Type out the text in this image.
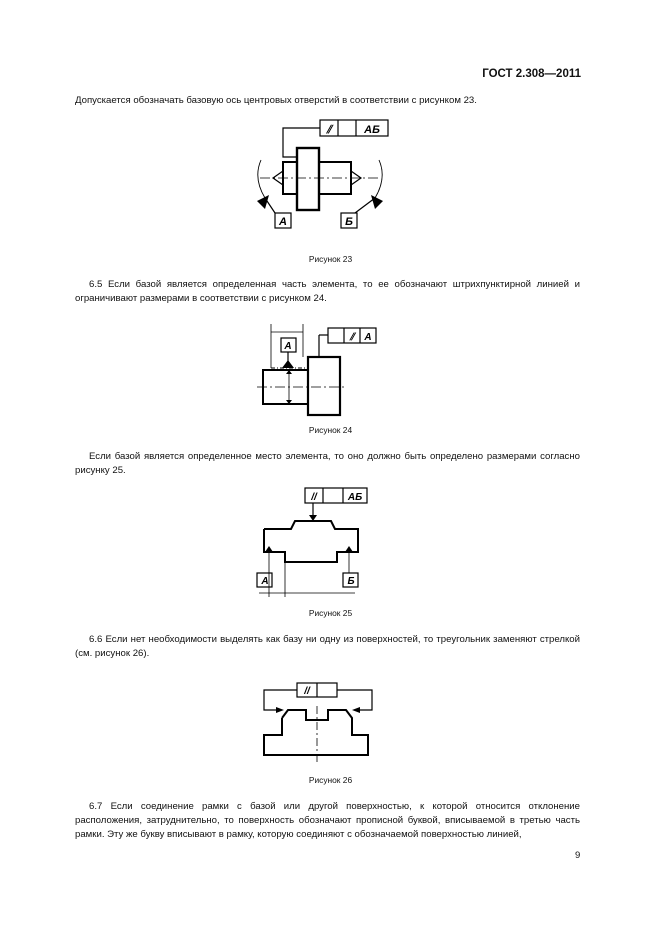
ГОСТ 2.308—2011

Допускается обозначать базовую ось центровых отверстий в соответствии с рисунком 23.

⫽	АБ
А	Б
Рисунок 23

6.5 Если базой является определенная часть элемента, то ее обозначают штрихпунктирной линией и ограничивают размерами в соответствии с рисунком 24.

⫽ А
А
Рисунок 24

Если базой является определенное место элемента, то оно должно быть определено размерами согласно рисунку 25.

//	АБ
А	Б
Рисунок 25

6.6 Если нет необходимости выделять как базу ни одну из поверхностей, то треугольник заменяют стрелкой (см. рисунок 26).

//
Рисунок 26

6.7 Если соединение рамки с базой или другой поверхностью, к которой относится отклонение расположения, затруднительно, то поверхность обозначают прописной буквой, вписываемой в третью часть рамки. Эту же букву вписывают в рамку, которую соединяют с обозначаемой поверхностью линией,

9
